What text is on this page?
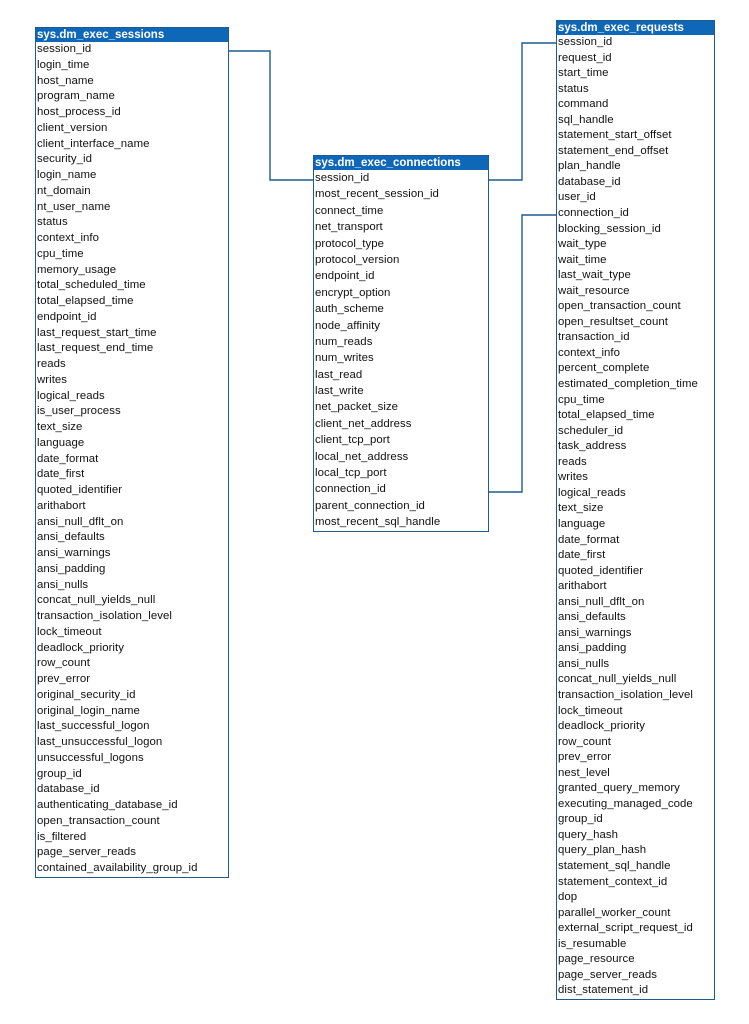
sys.dm_exec_sessions
session_id
login_time
host_name
program_name
host_process_id
client_version
client_interface_name
security_id
login_name
nt_domain
nt_user_name
status
context_info
cpu_time
memory_usage
total_scheduled_time
total_elapsed_time
endpoint_id
last_request_start_time
last_request_end_time
reads
writes
logical_reads
is_user_process
text_size
language
date_format
date_first
quoted_identifier
arithabort
ansi_null_dflt_on
ansi_defaults
ansi_warnings
ansi_padding
ansi_nulls
concat_null_yields_null
transaction_isolation_level
lock_timeout
deadlock_priority
row_count
prev_error
original_security_id
original_login_name
last_successful_logon
last_unsuccessful_logon
unsuccessful_logons
group_id
database_id
authenticating_database_id
open_transaction_count
is_filtered
page_server_reads
contained_availability_group_id
sys.dm_exec_connections
session_id
most_recent_session_id
connect_time
net_transport
protocol_type
protocol_version
endpoint_id
encrypt_option
auth_scheme
node_affinity
num_reads
num_writes
last_read
last_write
net_packet_size
client_net_address
client_tcp_port
local_net_address
local_tcp_port
connection_id
parent_connection_id
most_recent_sql_handle
sys.dm_exec_requests
session_id
request_id
start_time
status
command
sql_handle
statement_start_offset
statement_end_offset
plan_handle
database_id
user_id
connection_id
blocking_session_id
wait_type
wait_time
last_wait_type
wait_resource
open_transaction_count
open_resultset_count
transaction_id
context_info
percent_complete
estimated_completion_time
cpu_time
total_elapsed_time
scheduler_id
task_address
reads
writes
logical_reads
text_size
language
date_format
date_first
quoted_identifier
arithabort
ansi_null_dflt_on
ansi_defaults
ansi_warnings
ansi_padding
ansi_nulls
concat_null_yields_null
transaction_isolation_level
lock_timeout
deadlock_priority
row_count
prev_error
nest_level
granted_query_memory
executing_managed_code
group_id
query_hash
query_plan_hash
statement_sql_handle
statement_context_id
dop
parallel_worker_count
external_script_request_id
is_resumable
page_resource
page_server_reads
dist_statement_id
